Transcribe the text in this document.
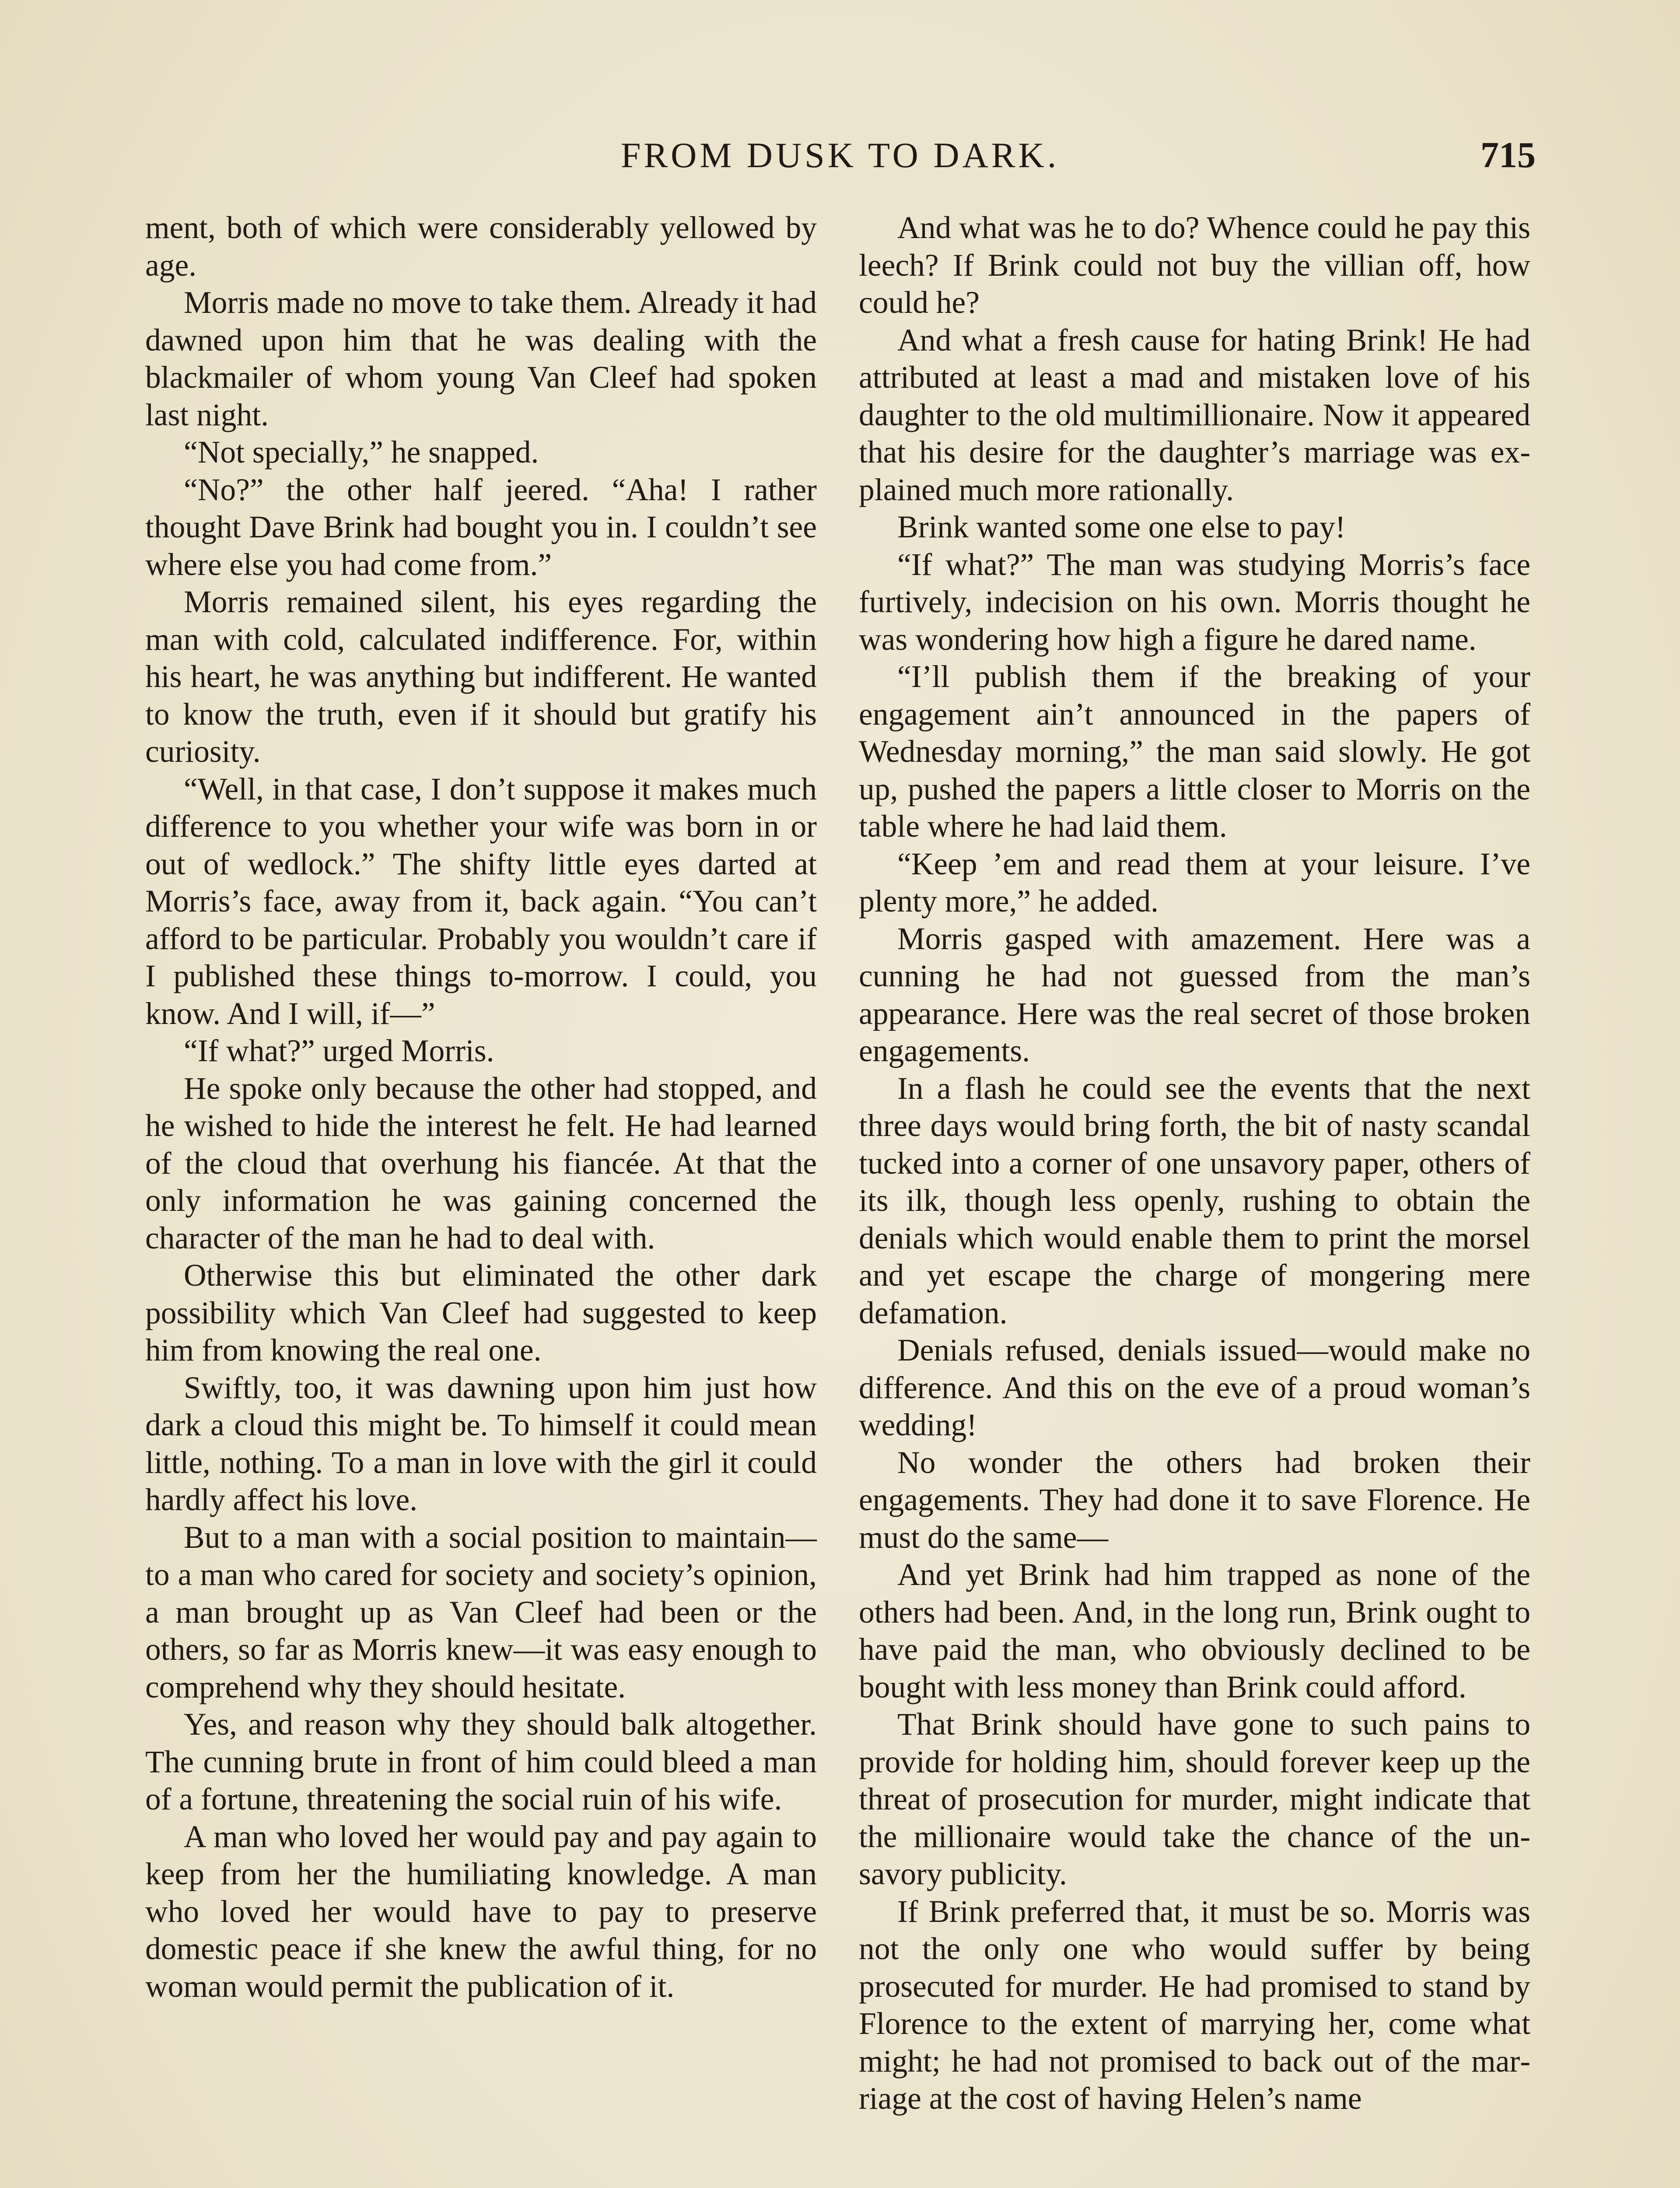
FROM DUSK TO DARK.	715

ment, both of which were considerably yellowed by age.

Morris made no move to take them. Already it had dawned upon him that he was dealing with the blackmailer of whom young Van Cleef had spoken last night.

“Not specially,” he snapped.

“No?” the other half jeered. “Aha! I rather thought Dave Brink had bought you in. I couldn’t see where else you had come from.”

Morris remained silent, his eyes regarding the man with cold, calculated indifference. For, within his heart, he was anything but indifferent. He wanted to know the truth, even if it should but gratify his curiosity.

“Well, in that case, I don’t suppose it makes much difference to you whether your wife was born in or out of wedlock.” The shifty little eyes darted at Morris’s face, away from it, back again. “You can’t afford to be particular. Probably you wouldn’t care if I published these things to-morrow. I could, you know. And I will, if—”

“If what?” urged Morris.

He spoke only because the other had stopped, and he wished to hide the interest he felt. He had learned of the cloud that overhung his fiancée. At that the only information he was gaining concerned the character of the man he had to deal with.

Otherwise this but eliminated the other dark possibility which Van Cleef had suggested to keep him from knowing the real one.

Swiftly, too, it was dawning upon him just how dark a cloud this might be. To himself it could mean little, nothing. To a man in love with the girl it could hardly affect his love.

But to a man with a social position to maintain—to a man who cared for society and society’s opinion, a man brought up as Van Cleef had been or the others, so far as Morris knew—it was easy enough to comprehend why they should hesitate.

Yes, and reason why they should balk altogether. The cunning brute in front of him could bleed a man of a fortune, threatening the social ruin of his wife.

A man who loved her would pay and pay again to keep from her the humiliating knowledge. A man who loved her would have to pay to preserve domestic peace if she knew the awful thing, for no woman would permit the publication of it.

And what was he to do? Whence could he pay this leech? If Brink could not buy the villian off, how could he?

And what a fresh cause for hating Brink! He had attributed at least a mad and mistaken love of his daughter to the old multimillionaire. Now it appeared that his desire for the daughter’s marriage was explained much more rationally.

Brink wanted some one else to pay!

“If what?” The man was studying Morris’s face furtively, indecision on his own. Morris thought he was wondering how high a figure he dared name.

“I’ll publish them if the breaking of your engagement ain’t announced in the papers of Wednesday morning,” the man said slowly. He got up, pushed the papers a little closer to Morris on the table where he had laid them.

“Keep ’em and read them at your leisure. I’ve plenty more,” he added.

Morris gasped with amazement. Here was a cunning he had not guessed from the man’s appearance. Here was the real secret of those broken engagements.

In a flash he could see the events that the next three days would bring forth, the bit of nasty scandal tucked into a corner of one unsavory paper, others of its ilk, though less openly, rushing to obtain the denials which would enable them to print the morsel and yet escape the charge of mongering mere defamation.

Denials refused, denials issued—would make no difference. And this on the eve of a proud woman’s wedding!

No wonder the others had broken their engagements. They had done it to save Florence. He must do the same—

And yet Brink had him trapped as none of the others had been. And, in the long run, Brink ought to have paid the man, who obviously declined to be bought with less money than Brink could afford.

That Brink should have gone to such pains to provide for holding him, should forever keep up the threat of prosecution for murder, might indicate that the millionaire would take the chance of the unsavory publicity.

If Brink preferred that, it must be so. Morris was not the only one who would suffer by being prosecuted for murder. He had promised to stand by Florence to the extent of marrying her, come what might; he had not promised to back out of the marriage at the cost of having Helen’s name
